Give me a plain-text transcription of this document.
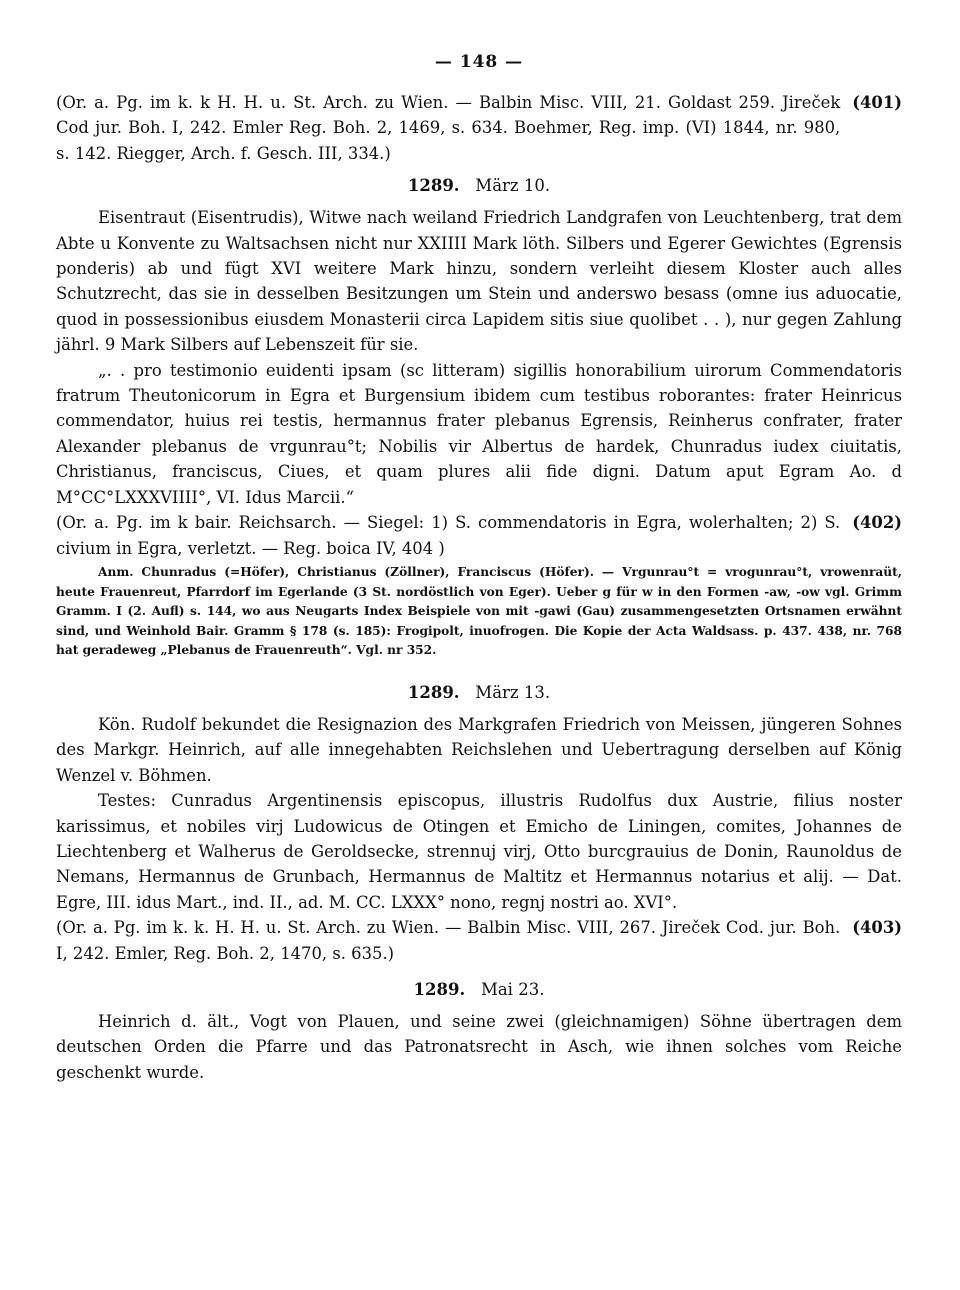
— 148 —
(Or. a. Pg. im k. k H. H. u. St. Arch. zu Wien. — Balbin Misc. VIII, 21. Goldast 259. Jireček Cod jur. Boh. I, 242. Emler Reg. Boh. 2, 1469, s. 634. Boehmer, Reg. imp. (VI) 1844, nr. 980, s. 142. Riegger, Arch. f. Gesch. III, 334.)
(401)
1289. März 10.
Eisentraut (Eisentrudis), Witwe nach weiland Friedrich Landgrafen von Leuchtenberg, trat dem Abte u Konvente zu Waltsachsen nicht nur XXIIII Mark löth. Silbers und Egerer Gewichtes (Egrensis ponderis) ab und fügt XVI weitere Mark hinzu, sondern verleiht diesem Kloster auch alles Schutzrecht, das sie in desselben Besitzungen um Stein und anderswo besass (omne ius aduocatie, quod in possessionibus eiusdem Monasterii circa Lapidem sitis siue quolibet . . ), nur gegen Zahlung jährl. 9 Mark Silbers auf Lebenszeit für sie.
„. . pro testimonio euidenti ipsam (sc litteram) sigillis honorabilium uirorum Commendatoris fratrum Theutonicorum in Egra et Burgensium ibidem cum testibus roborantes: frater Heinricus commendator, huius rei testis, hermannus frater plebanus Egrensis, Reinherus confrater, frater Alexander plebanus de vrgunrau°t; Nobilis vir Albertus de hardek, Chunradus iudex ciuitatis, Christianus, franciscus, Ciues, et quam plures alii fide digni. Datum aput Egram Ao. d M°CC°LXXXVIIII°, VI. Idus Marcii.“
(Or. a. Pg. im k bair. Reichsarch. — Siegel: 1) S. commendatoris in Egra, wolerhalten; 2) S. civium in Egra, verletzt. — Reg. boica IV, 404 )
(402)
Anm. Chunradus (=Höfer), Christianus (Zöllner), Franciscus (Höfer). — Vrgunrau°t = vrogunrau°t, vrowenraüt, heute Frauenreut, Pfarrdorf im Egerlande (3 St. nordöstlich von Eger). Ueber g für w in den Formen -aw, -ow vgl. Grimm Gramm. I (2. Aufl) s. 144, wo aus Neugarts Index Beispiele von mit -gawi (Gau) zusammengesetzten Ortsnamen erwähnt sind, und Weinhold Bair. Gramm § 178 (s. 185): Frogipolt, inuofrogen. Die Kopie der Acta Waldsass. p. 437. 438, nr. 768 hat geradeweg „Plebanus de Frauenreuth“. Vgl. nr 352.
1289. März 13.
Kön. Rudolf bekundet die Resignazion des Markgrafen Friedrich von Meissen, jüngeren Sohnes des Markgr. Heinrich, auf alle innegehabten Reichslehen und Uebertragung derselben auf König Wenzel v. Böhmen.
Testes: Cunradus Argentinensis episcopus, illustris Rudolfus dux Austrie, filius noster karissimus, et nobiles virj Ludowicus de Otingen et Emicho de Liningen, comites, Johannes de Liechtenberg et Walherus de Geroldsecke, strennuj virj, Otto burcgrauius de Donin, Raunoldus de Nemans, Hermannus de Grunbach, Hermannus de Maltitz et Hermannus notarius et alij. — Dat. Egre, III. idus Mart., ind. II., ad. M. CC. LXXX° nono, regnj nostri ao. XVI°.
(Or. a. Pg. im k. k. H. H. u. St. Arch. zu Wien. — Balbin Misc. VIII, 267. Jireček Cod. jur. Boh. I, 242. Emler, Reg. Boh. 2, 1470, s. 635.)
(403)
1289. Mai 23.
Heinrich d. ält., Vogt von Plauen, und seine zwei (gleichnamigen) Söhne übertragen dem deutschen Orden die Pfarre und das Patronatsrecht in Asch, wie ihnen solches vom Reiche geschenkt wurde.
